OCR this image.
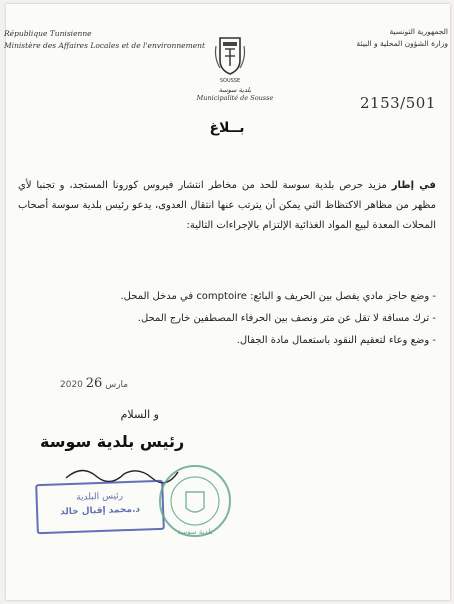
République Tunisienne
Ministère des Affaires Locales et de l'environnement
الجمهورية التونسية
وزارة الشؤون المحلية و البيئة
SOUSSE
بلدية سوسة
Municipalité de Sousse	2153/501
بــلاغ

في إطار مزيد حرص بلدية سوسة للحد من مخاطر انتشار فيروس كورونا المستجد، و تجنبا لأي مظهر من مظاهر الاكتظاظ التي يمكن أن يترتب عنها انتقال العدوى، يدعو رئيس بلدية سوسة أصحاب المحلات المعدة لبيع المواد الغذائية الإلتزام بالإجراءات التالية:

- وضع حاجز مادي يفصل بين الحريف و البائع: comptoire في مدخل المحل.
- ترك مسافة لا تقل عن متر ونصف بين الحرفاء المصطفين خارج المحل.
- وضع وعاء لتعقيم النقود باستعمال مادة الجفال.
2020 مارس 26
و السلام
رئيس بلدية سوسة
رئيس البلدية
د.محمد إقبال خالد
بلدية سوسة
